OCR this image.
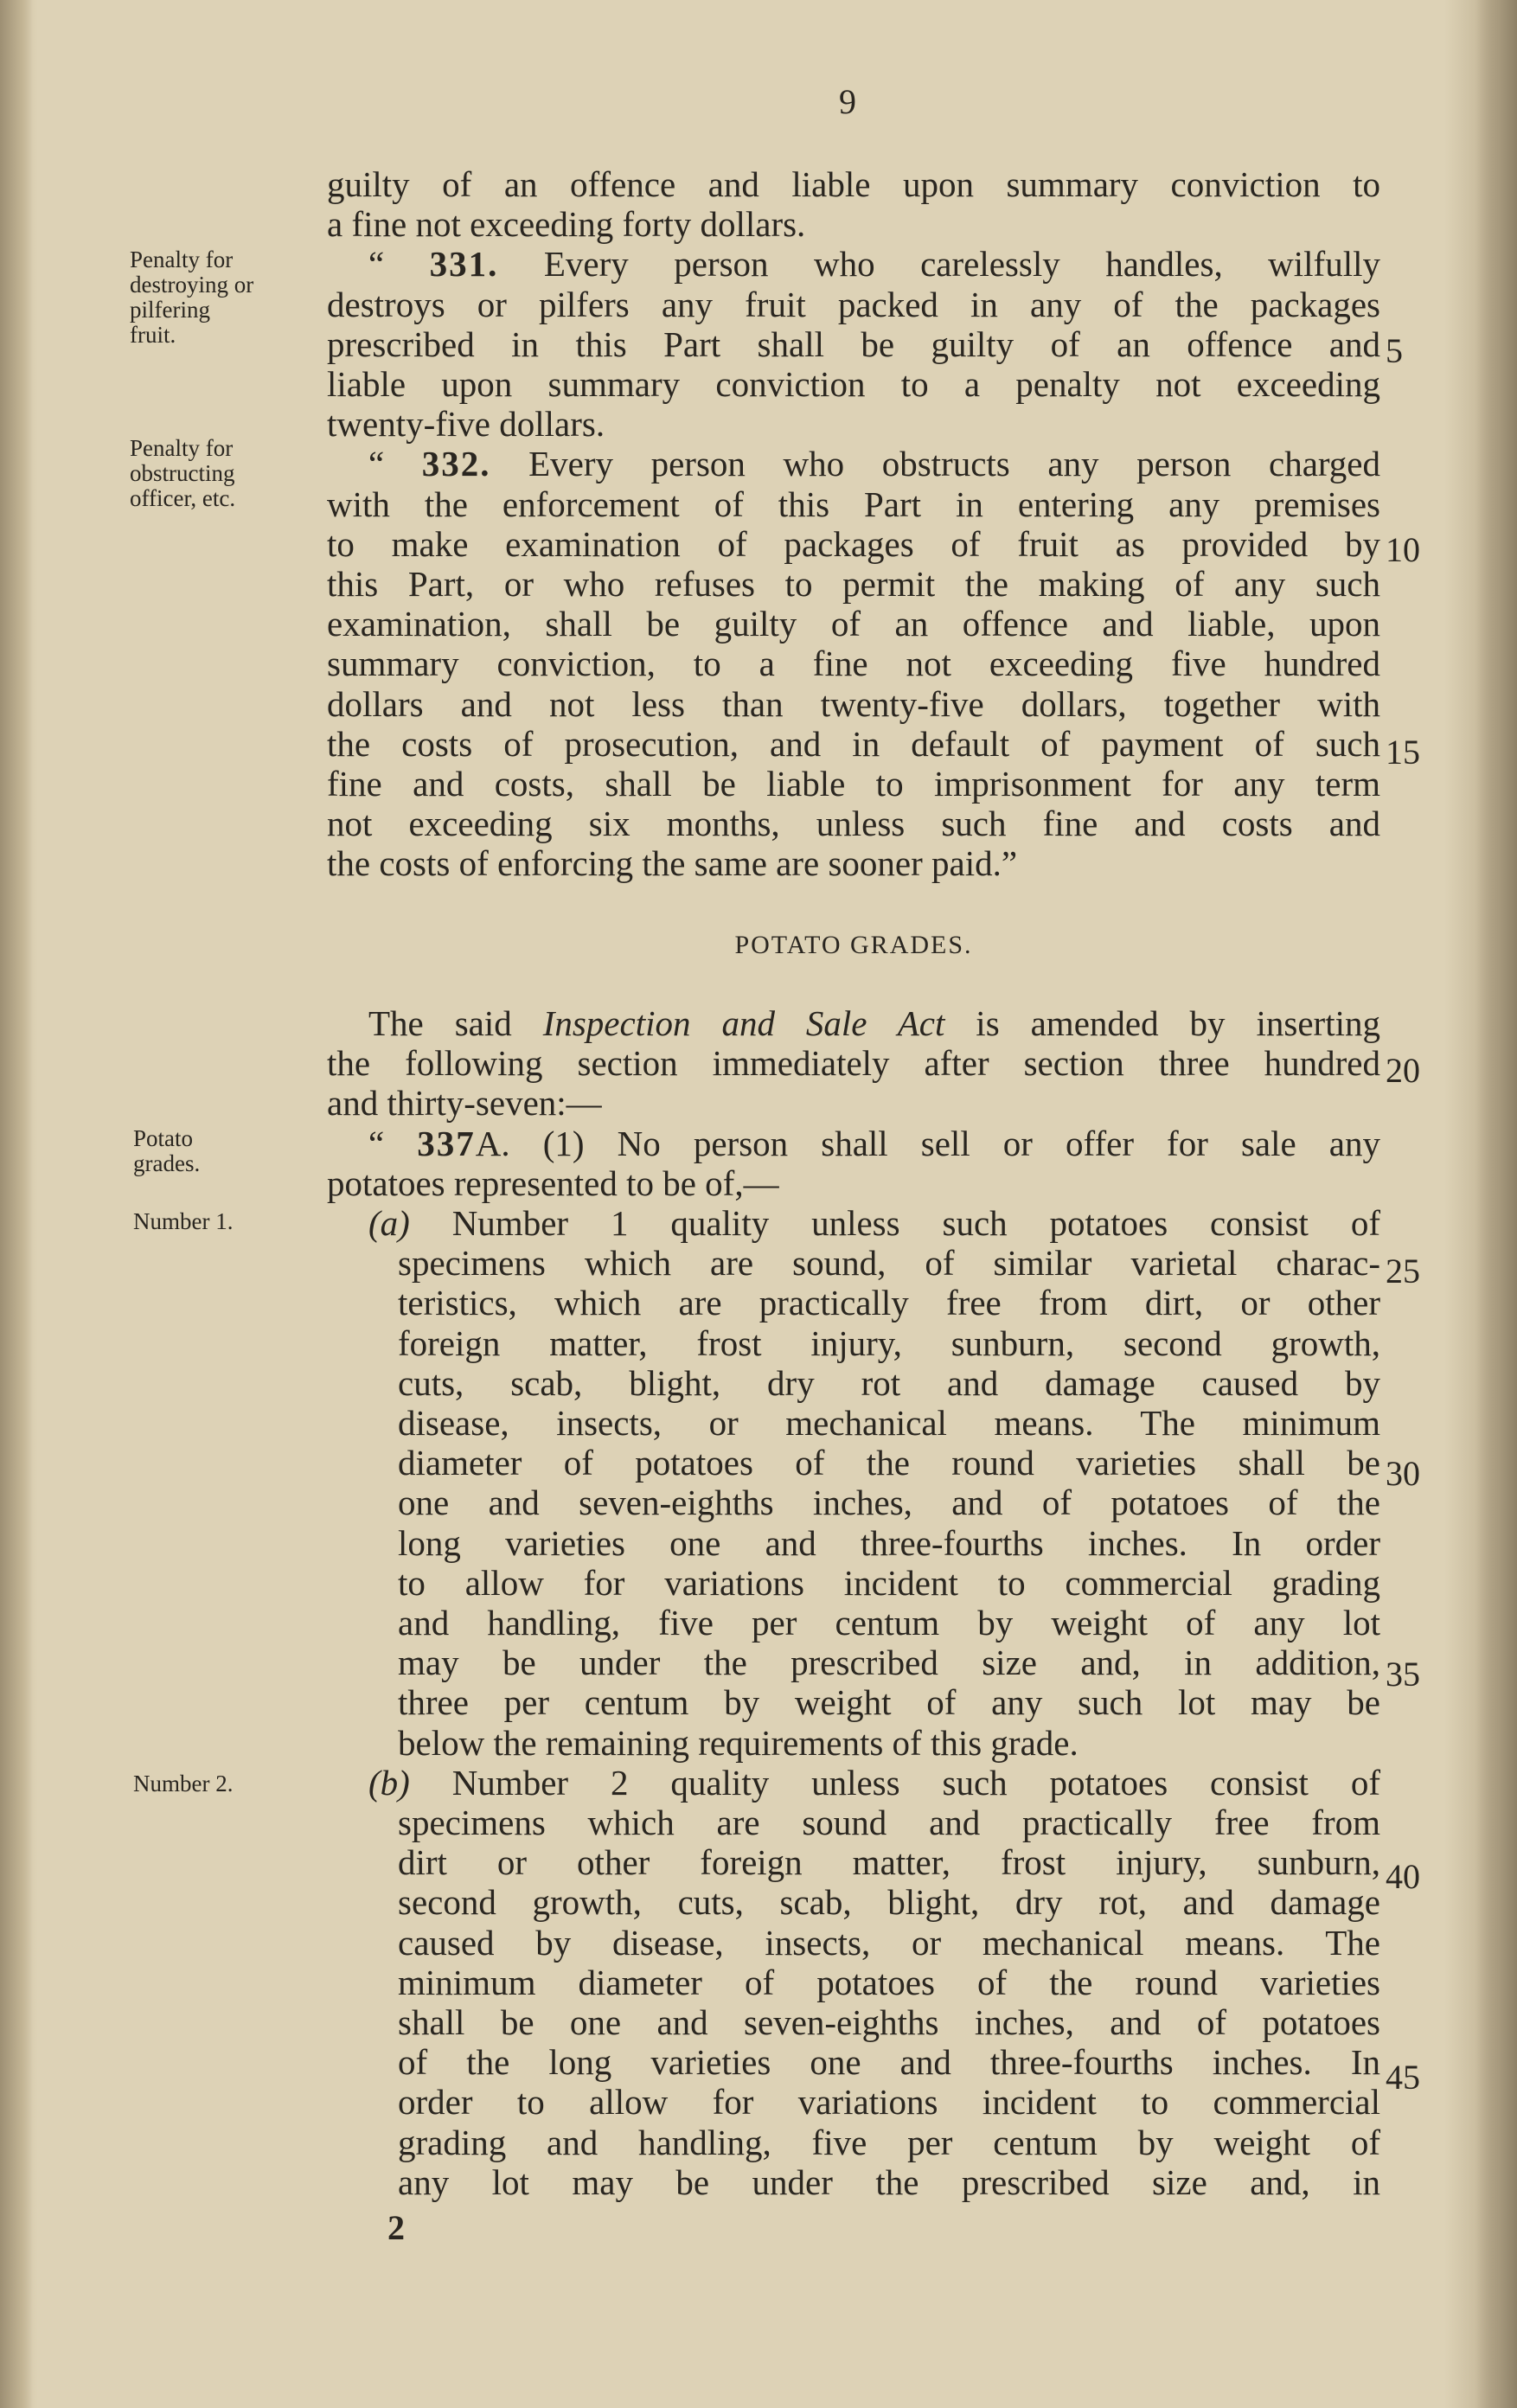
9
Penalty for
destroying or
pilfering
fruit.
Penalty for
obstructing
officer, etc.
Potato
grades.
Number 1.
Number 2.
guilty of an offence and liable upon summary conviction to
a fine not exceeding forty dollars.
“ 331. Every person who carelessly handles, wilfully
destroys or pilfers any fruit packed in any of the packages
prescribed in this Part shall be guilty of an offence and
liable upon summary conviction to a penalty not exceeding
twenty-five dollars.
“ 332. Every person who obstructs any person charged
with the enforcement of this Part in entering any premises
to make examination of packages of fruit as provided by
this Part, or who refuses to permit the making of any such
examination, shall be guilty of an offence and liable, upon
summary conviction, to a fine not exceeding five hundred
dollars and not less than twenty-five dollars, together with
the costs of prosecution, and in default of payment of such
fine and costs, shall be liable to imprisonment for any term
not exceeding six months, unless such fine and costs and
the costs of enforcing the same are sooner paid.”
POTATO GRADES.
The said Inspection and Sale Act is amended by inserting
the following section immediately after section three hundred
and thirty-seven:—
“ 337A. (1) No person shall sell or offer for sale any
potatoes represented to be of,—
(a) Number 1 quality unless such potatoes consist of
specimens which are sound, of similar varietal charac-
teristics, which are practically free from dirt, or other
foreign matter, frost injury, sunburn, second growth,
cuts, scab, blight, dry rot and damage caused by
disease, insects, or mechanical means. The minimum
diameter of potatoes of the round varieties shall be
one and seven-eighths inches, and of potatoes of the
long varieties one and three-fourths inches. In order
to allow for variations incident to commercial grading
and handling, five per centum by weight of any lot
may be under the prescribed size and, in addition,
three per centum by weight of any such lot may be
below the remaining requirements of this grade.
(b) Number 2 quality unless such potatoes consist of
specimens which are sound and practically free from
dirt or other foreign matter, frost injury, sunburn,
second growth, cuts, scab, blight, dry rot, and damage
caused by disease, insects, or mechanical means. The
minimum diameter of potatoes of the round varieties
shall be one and seven-eighths inches, and of potatoes
of the long varieties one and three-fourths inches. In
order to allow for variations incident to commercial
grading and handling, five per centum by weight of
any lot may be under the prescribed size and, in
5
10
15
20
25
30
35
40
45
2
